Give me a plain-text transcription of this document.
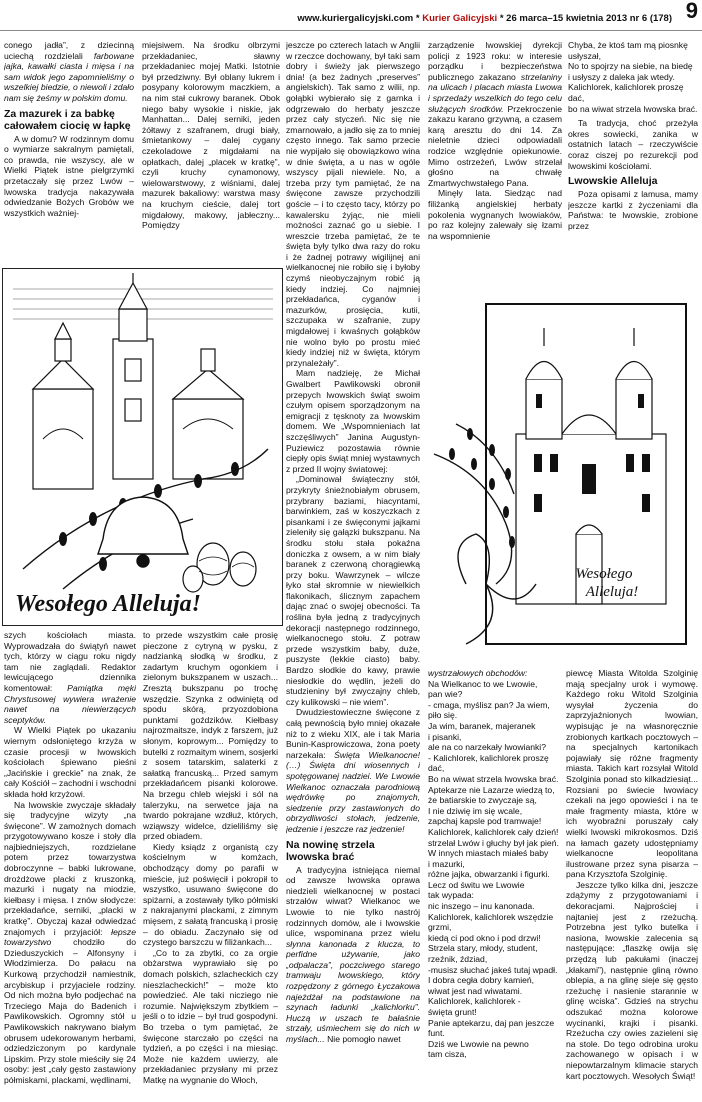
www.kuriergalicyjski.com * Kurier Galicyjski * 26 marca–15 kwietnia 2013 nr 6 (178) 9

conego jadła”, z dziecinną uciechą rozdzielali farbowane jajka, kawałki ciasta i mięsa i na sam widok jego zapomnieliśmy o wszelkiej biedzie, o niewoli i zdało nam się żeśmy w polskim domu.

Za mazurek i za babkę całowałem ciocię w łapkę

A w domu? W rodzinnym domu o wymiarze sakralnym pamiętali, co prawda, nie wszyscy, ale w Wielki Piątek istne pielgrzymki przetaczały się przez Lwów – lwowska tradycja nakazywała odwiedzanie Bożych Grobów we wszystkich ważniej-

miejsiwem. Na środku olbrzymi przekładaniec, sławny przekładaniec mojej Matki. Istotnie był przedziwny. Był oblany lukrem i posypany kolorowym maczkiem, a na nim stał cukrowy baranek. Obok niego baby wysokie i niskie, jak Manhattan... Dalej serniki, jeden żółtawy z szafranem, drugi biały, śmietankowy – dalej cygany czekoladowe z migdałami na opłatkach, dalej „placek w kratkę”, czyli kruchy cynamonowy, wielowarstwowy, z wiśniami, dalej mazurek bakaliowy: warstwa masy na kruchym cieście, dalej tort migdałowy, makowy, jabłeczny... Pomiędzy

Wesołego Alleluja!

szych kościołach miasta. Wyprowadzała do świątyń nawet tych, którzy w ciągu roku nigdy tam nie zaglądali. Redaktor lewicującego dziennika komentował: Pamiątka męki Chrystusowej wywiera wrażenie nawet na niewierzących sceptyków.

W Wielki Piątek po ukazaniu wiernym odsłoniętego krzyża w czasie procesji w lwowskich kościołach śpiewano pieśni „Jacińskie i greckie” na znak, że cały Kościół – zachodni i wschodni składa hołd krzyżowi.

Na lwowskie zwyczaje składały się tradycyjne wizyty „na święcone”. W zamożnych domach przygotowywano kosze i stoły dla najbiedniejszych, rozdzielane potem przez towarzystwa dobroczynne – babki lukrowane, drożdżowe placki z kruszonką, mazurki i nugaty na miodzie, kiełbasy i mięsa. I znów słodycze: przekładańce, serniki, „placki w kratkę”. Obyczaj kazał odwiedzać znajomych i przyjaciół: łepsze towarzystwo chodziło do Dzieduszyckich – Alfonsyny i Włodzimierza. Do pałacu na Kurkową przychodził namiestnik, arcybiskup i przyjaciele rodziny. Od nich można było podjechać na Trzeciego Maja do Badenich i Pawlikowskich. Ogromny stół u Pawlikowskich nakrywano białym obrusem udekorowanym herbami, odziedziczonym po kardynale Lipskim. Przy stole mieściły się 24 osoby: jest „cały gęsto zastawiony półmiskami, plackami, wędlinami,

to przede wszystkim całe prosię pieczone z cytryną w pysku, z nadzianką słodką w środku, z zadartym kruchym ogonkiem i zielonym bukszpanem w uszach... Zresztą bukszpanu po trochę wszędzie. Szynka z odwiniętą od spodu skórą, przyozdobiona punktami goździków. Kiełbasy najrozmaitsze, indyk z farszem, już słonym, koprowym... Pomiędzy to butelki z rozmaitym winem, sosjerki z sosem tatarskim, salaterki z sałatką francuską... Przed samym przekładańcem pisanki kolorowe. Na brzegu chleb wiejski i sól na talerzyku, na serwetce jaja na twardo pokrajane wzdłuż, których, wziąwszy widelce, dzieliliśmy się przed obiadem.

Kiedy ksiądz z organistą czy kościelnym w komżach, obchodzący domy po parafii w mieście, już poświęcił i pokropił to wszystko, usuwano święcone do spiżarni, a zostawały tylko półmiski z nakrajanymi plackami, z zimnym mięsem, z sałatą francuską i prosię – do obiadu. Zaczynało się od czystego barszczu w filiżankach...

„Co to za zbytki, co za orgie obżarstwa wyprawiało się po domach polskich, szlacheckich czy nieszlacheckich!” – może kto powiedzieć. Ale taki nicziego nie rozumie. Największym zbytkiem – jeśli o to idzie – był trud gospodyni. Bo trzeba o tym pamiętać, że święcone starczało po części na tydzień, a po części i na miesiąc. Może nie każdem uwierzy, ale przekładaniec przysłany mi przez Matkę na wygnanie do Włoch,

jeszcze po czterech latach w Anglii w rzeczce dochowany, był taki sam dobry i świeży jak pierwszego dnia! (a bez żadnych „preserves” angielskich). Tak samo z wilii, np. gołąbki wybierało się z garnka i odgrzewało do herbaty jeszcze przez cały styczeń. Nic się nie zmarnowało, a jadło się za to mniej często innego. Tak samo przecie nie wypijało się obowiązkowo wina w dnie święta, a u nas w ogóle wszyscy pijali niewiele. No, a trzeba przy tym pamiętać, że na święcone zawsze przychodzili goście – i to często tacy, którzy po kawalersku żyjąc, nie mieli możności zaznać go u siebie. I wreszcie trzeba pamiętać, że te święta były tylko dwa razy do roku i że żadnej potrawy wigilijnej ani wielkanocnej nie robiło się i byłoby czymś nieobyczajnym robić ją kiedy indziej. Co najmniej przekładańca, cyganów i mazurków, prosięcia, kutii, szczupaka w szafranie, zupy migdałowej i kwaśnych gołąbków nie wolno było po prostu mieć kiedy indziej niż w święta, którym przynależały”.

Mam nadzieję, że Michał Gwalbert Pawlikowski obronił przepych lwowskich świąt swoim czułym opisem sporządzonym na emigracji z tęsknoty za lwowskim domem. We „Wspomnieniach lat szczęśliwych” Janina Augustyn-Puziewicz pozostawia równie ciepły opis świąt mniej wystawnych z przed II wojny światowej:

„Dominował świąteczny stół, przykryty śnieżnobiałym obrusem, przybrany baziami, hiacyntami, barwinkiem, zaś w koszyczkach z pisankami i ze święconymi jajkami zieleniły się gałązki bukszpanu. Na środku stołu stała pokaźna doniczka z owsem, a w nim biały baranek z czerwoną chorągiewką przy boku. Wawrzynek – wilcze łyko stał skromnie w niewielkich flakonikach, ślicznym zapachem dając znać o swojej obecności. Ta roślina była jedną z tradycyjnych dekoracji następnego rodzinnego, wielkanocnego stołu. Z potraw przede wszystkim baby, duże, puszyste (lekkie ciasto) baby. Bardzo słodkie do kawy, prawie niesłodkie do wędlin, jeżeli do studzieniny był zwyczajny chleb, czy kulikowski – nie wiem”.

Dwudziestowieczne święcone z całą pewnością było mniej okazałe niż to z wieku XIX, ale i tak Maria Bunin-Kasprowiczowa, żona poety narzekała: Święta Wielkanocne! (…) Święta dni wiosennych i spotęgowanej nadziei. We Lwowie Wielkanoc oznaczała parodniową wędrówkę po znajomych, siedzenie przy zastawionych do obrzydliwości stołach, jedzenie, jedzenie i jeszcze raz jedzenie!

Na nowinę strzela lwowska brać

A tradycyjna istniejąca niemal od zawsze lwowska oprawa niedzieli wielkanocnej w postaci strzałów wiwat? Wielkanoc we Lwowie to nie tylko nastrój rodzinnych domów, ale i lwowskie ulice, wspominana przez wielu słynna kanonada z klucza, to perfidne używanie, jako „odpalacza”, poczciwego starego tramwaju lwowskiego, który rozpędzony z górnego Łyczakowa najeżdżał na podstawione na szynach ładunki „kalichlorku”. Huczą w uszach te bałaśnie strzały, uśmiechem się do nich w myślach... Nie pomogło nawet

zarządzenie lwowskiej dyrekcji policji z 1923 roku: w interesie porządku i bezpieczeństwa publicznego zakazano strzelaniny na ulicach i placach miasta Lwowa i sprzedaży wszelkich do tego celu służących środków. Przekroczenie zakazu karano grzywną, a czasem karą aresztu do dni 14. Za nieletnie dzieci odpowiadali rodzice względnie opiekunowie. Mimo ostrzeżeń, Lwów strzelał głośno na chwałę Zmartwychwstałego Pana.

Minęły lata. Siedząc nad filiżanką angielskiej herbaty pokolenia wygnanych lwowiaków, po raz kolejny zalewały się łzami na wspomnienie

Chyba, że ktoś tam mą piosnkę
usłyszał,
No to spojrzy na siebie, na biedę
i usłyszy z daleka jak wtedy.
Kalichlorek, kalichlorek proszę dać,
bo na wiwat strzela lwowska brać.

Ta tradycja, choć przeżyła okres sowiecki, zanika w ostatnich latach – rzeczywiście coraz ciszej po rezurekcji pod lwowskimi kościołami.

Lwowskie Alleluja

Poza opisami z lamusa, mamy jeszcze kartki z życzeniami dla Państwa: te lwowskie, zrobione przez

Wesołego
Alleluja!

wystrzałowych obchodów:

Na Wielkanoc to we Lwowie,
pan wie?
- cmaga, myślisz pan? Ja wiem,
piło się.
Ja wim, baranek, majeranek
i pisanki,
ale na co narzekały lwowianki?
- Kalichlorek, kalichlorek proszę dać,
Bo na wiwat strzela lwowska brać.
Aptekarze nie Lazarze wiedzą to,
że batiarskie to zwyczaje są,
I nie dziwię im się wcale,
zapchaj kapsle pod tramwaje!
Kalichlorek, kalichlorek cały dzień!
strzelał Lwów i głuchy był jak pień.
W innych miastach miałeś baby
i mazurki,
różne jajka, obwarzanki i figurki.
Lecz od świtu we Lwowie
tak wypada:
nic inszego – inu kanonada.
Kalichlorek, kalichlorek wszędzie
grzmi,
kiedą ci pod okno i pod drzwi!
Strzela stary, młody, student,
rzeźnik, ździad,
-musisz słuchać jakeś tutaj wpadł.
I dobra cegła dobry kamień,
wiwat jest nad wiwatami.
Kalichlorek, kalichlorek -
święta grunt!
Panie aptekarzu, daj pan jeszcze
funt.
Dziś we Lwowie na pewno
tam cisza,

piewcę Miasta Witolda Szolginię mają specjalny urok i wymowę. Każdego roku Witold Szolginia wysyłał życzenia do zaprzyjaźnionych lwowian, wypisując je na własnoręcznie zrobionych kartkach pocztowych – na specjalnych kartonikach pojawiały się różne fragmenty miasta. Takich kart rozsyłał Witold Szolginia ponad sto kilkadziesiąt... Rozsiani po świecie lwowiacy czekali na jego opowieści i na te małe fragmenty miasta, które w ich wyobraźni poruszały cały wielki lwowski mikrokosmos. Dziś na łamach gazety udostępniamy wielkanocne leopolitana ilustrowane przez syna pisarza – pana Krzysztofa Szolginię.

Jeszcze tylko kilka dni, jeszcze zdążymy z przygotowaniami i dekoracjami. Najprościej i najtaniej jest z rzeżuchą. Potrzebna jest tylko butelka i nasiona, lwowskie zalecenia są następujące: „flaszkę owija się przędzą lub pakułami (inaczej „kłakami”), następnie gliną równo oblepia, a na glinę sieje się gęsto rzeżuchę i nasienie starannie w glinę wciska”. Gdzieś na strychu odszukać można kolorowe wycinanki, krajki i pisanki. Rzeżucha czy owies zazieleni się na stole. Do tego odrobina uroku zachowanego w opisach i w niepowtarzalnym klimacie starych kart pocztowych. Wesołych Świąt!
